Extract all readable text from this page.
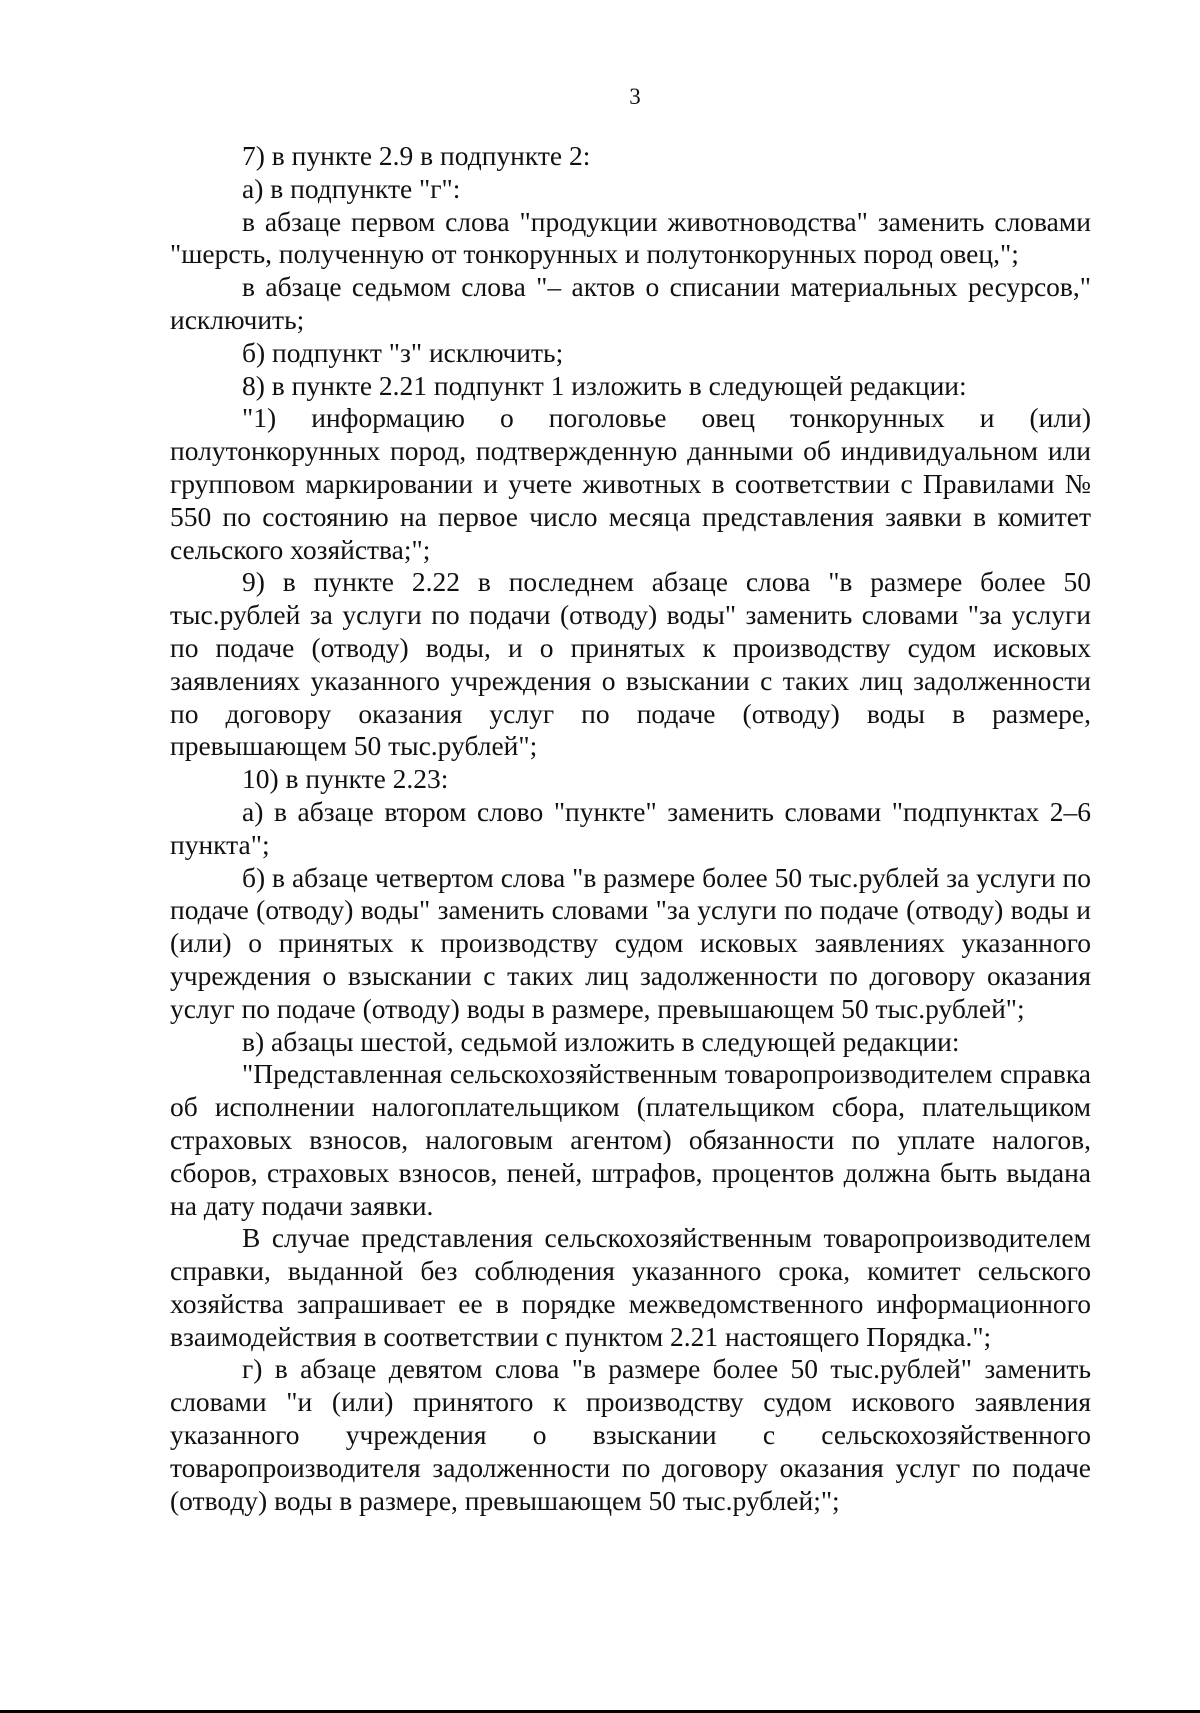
3

7) в пункте 2.9 в подпункте 2:

а) в подпункте "г":

в абзаце первом слова "продукции животноводства" заменить словами "шерсть, полученную от тонкорунных и полутонкорунных пород овец,";

в абзаце седьмом слова "– актов о списании материальных ресурсов," исключить;

б) подпункт "з" исключить;

8) в пункте 2.21 подпункт 1 изложить в следующей редакции:

"1) информацию о поголовье овец тонкорунных и (или) полутонкорунных пород, подтвержденную данными об индивидуальном или групповом маркировании и учете животных в соответствии с Правилами № 550 по состоянию на первое число месяца представления заявки в комитет сельского хозяйства;";

9) в пункте 2.22 в последнем абзаце слова "в размере более 50 тыс.рублей за услуги по подачи (отводу) воды" заменить словами "за услуги по подаче (отводу) воды, и о принятых к производству судом исковых заявлениях указанного учреждения о взыскании с таких лиц задолженности по договору оказания услуг по подаче (отводу) воды в размере, превышающем 50 тыс.рублей";

10) в пункте 2.23:

а) в абзаце втором слово "пункте" заменить словами "подпунктах 2–6 пункта";

б) в абзаце четвертом слова "в размере более 50 тыс.рублей за услуги по подаче (отводу) воды" заменить словами "за услуги по подаче (отводу) воды и (или) о принятых к производству судом исковых заявлениях указанного учреждения о взыскании с таких лиц задолженности по договору оказания услуг по подаче (отводу) воды в размере, превышающем 50 тыс.рублей";

в) абзацы шестой, седьмой изложить в следующей редакции:

"Представленная сельскохозяйственным товаропроизводителем справка об исполнении налогоплательщиком (плательщиком сбора, плательщиком страховых взносов, налоговым агентом) обязанности по уплате налогов, сборов, страховых взносов, пеней, штрафов, процентов должна быть выдана на дату подачи заявки.

В случае представления сельскохозяйственным товаропроизводителем справки, выданной без соблюдения указанного срока, комитет сельского хозяйства запрашивает ее в порядке межведомственного информационного взаимодействия в соответствии с пунктом 2.21 настоящего Порядка.";

г) в абзаце девятом слова "в размере более 50 тыс.рублей" заменить словами "и (или) принятого к производству судом искового заявления указанного учреждения о взыскании с сельскохозяйственного товаропроизводителя задолженности по договору оказания услуг по подаче (отводу) воды в размере, превышающем 50 тыс.рублей;";
